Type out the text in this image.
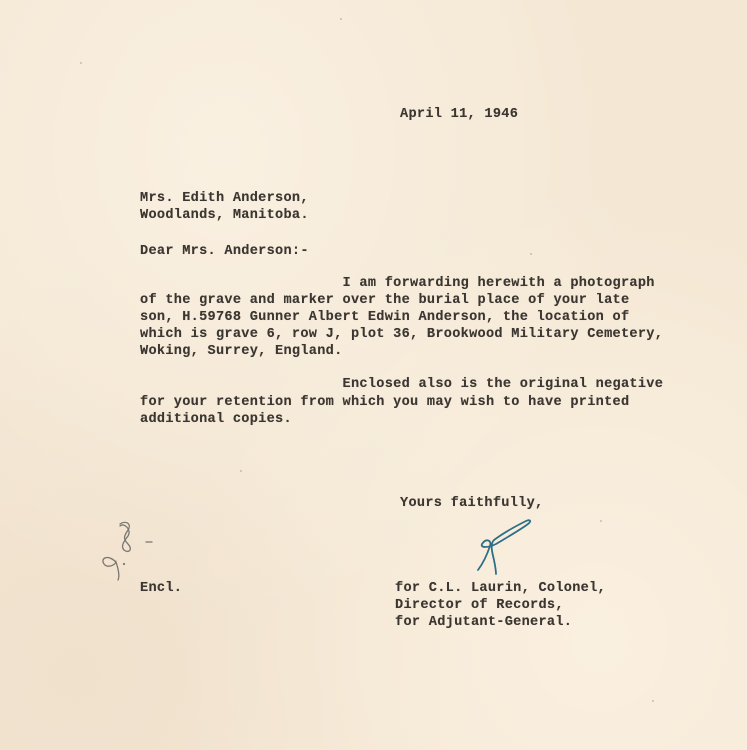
April 11, 1946
Mrs. Edith Anderson,
Woodlands, Manitoba.
Dear Mrs. Anderson:-
I am forwarding herewith a photograph
of the grave and marker over the burial place of your late
son, H.59768 Gunner Albert Edwin Anderson, the location of
which is grave 6, row J, plot 36, Brookwood Military Cemetery,
Woking, Surrey, England.
Enclosed also is the original negative
for your retention from which you may wish to have printed
additional copies.
Yours faithfully,
Encl.	for C.L. Laurin, Colonel,
Director of Records,
for Adjutant-General.
